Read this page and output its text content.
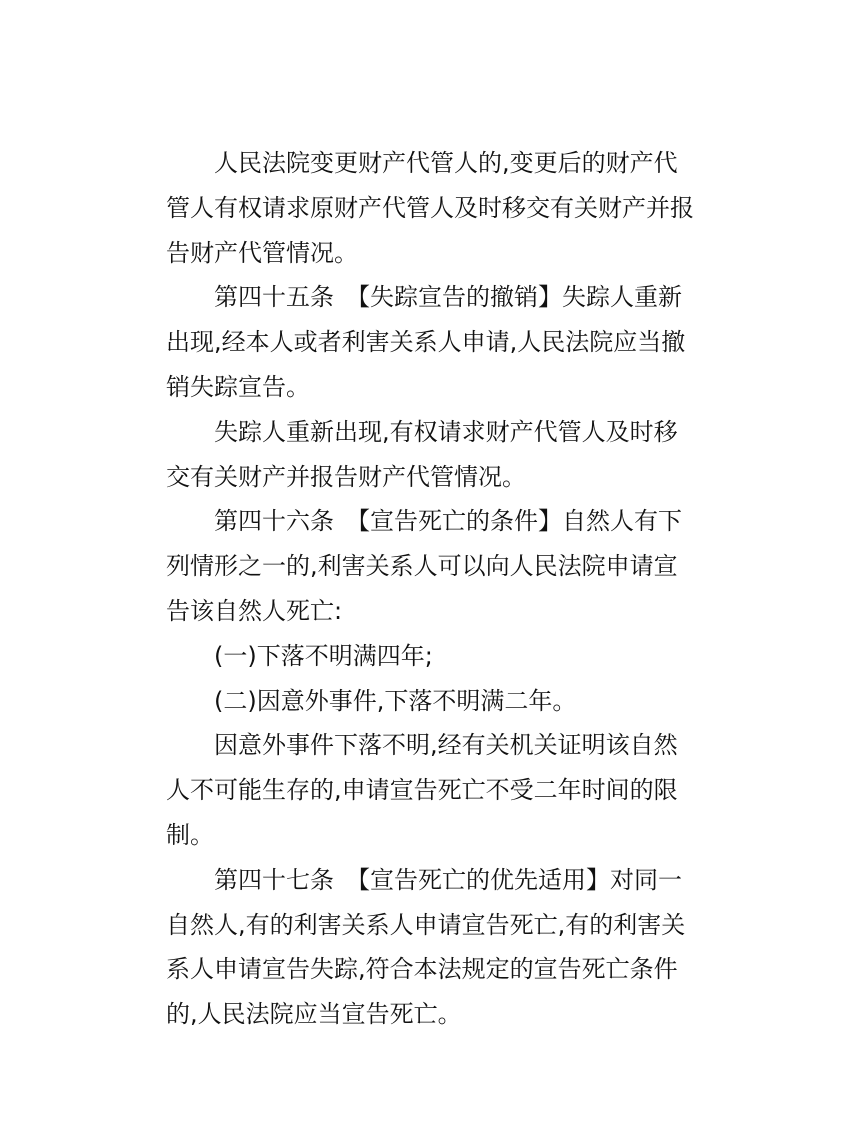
人民法院变更财产代管人的,变更后的财产代管人有权请求原财产代管人及时移交有关财产并报告财产代管情况。

第四十五条　【失踪宣告的撤销】失踪人重新出现,经本人或者利害关系人申请,人民法院应当撤销失踪宣告。

失踪人重新出现,有权请求财产代管人及时移交有关财产并报告财产代管情况。

第四十六条　【宣告死亡的条件】自然人有下列情形之一的,利害关系人可以向人民法院申请宣告该自然人死亡:

(一)下落不明满四年;

(二)因意外事件,下落不明满二年。

因意外事件下落不明,经有关机关证明该自然人不可能生存的,申请宣告死亡不受二年时间的限制。

第四十七条　【宣告死亡的优先适用】对同一自然人,有的利害关系人申请宣告死亡,有的利害关系人申请宣告失踪,符合本法规定的宣告死亡条件的,人民法院应当宣告死亡。
